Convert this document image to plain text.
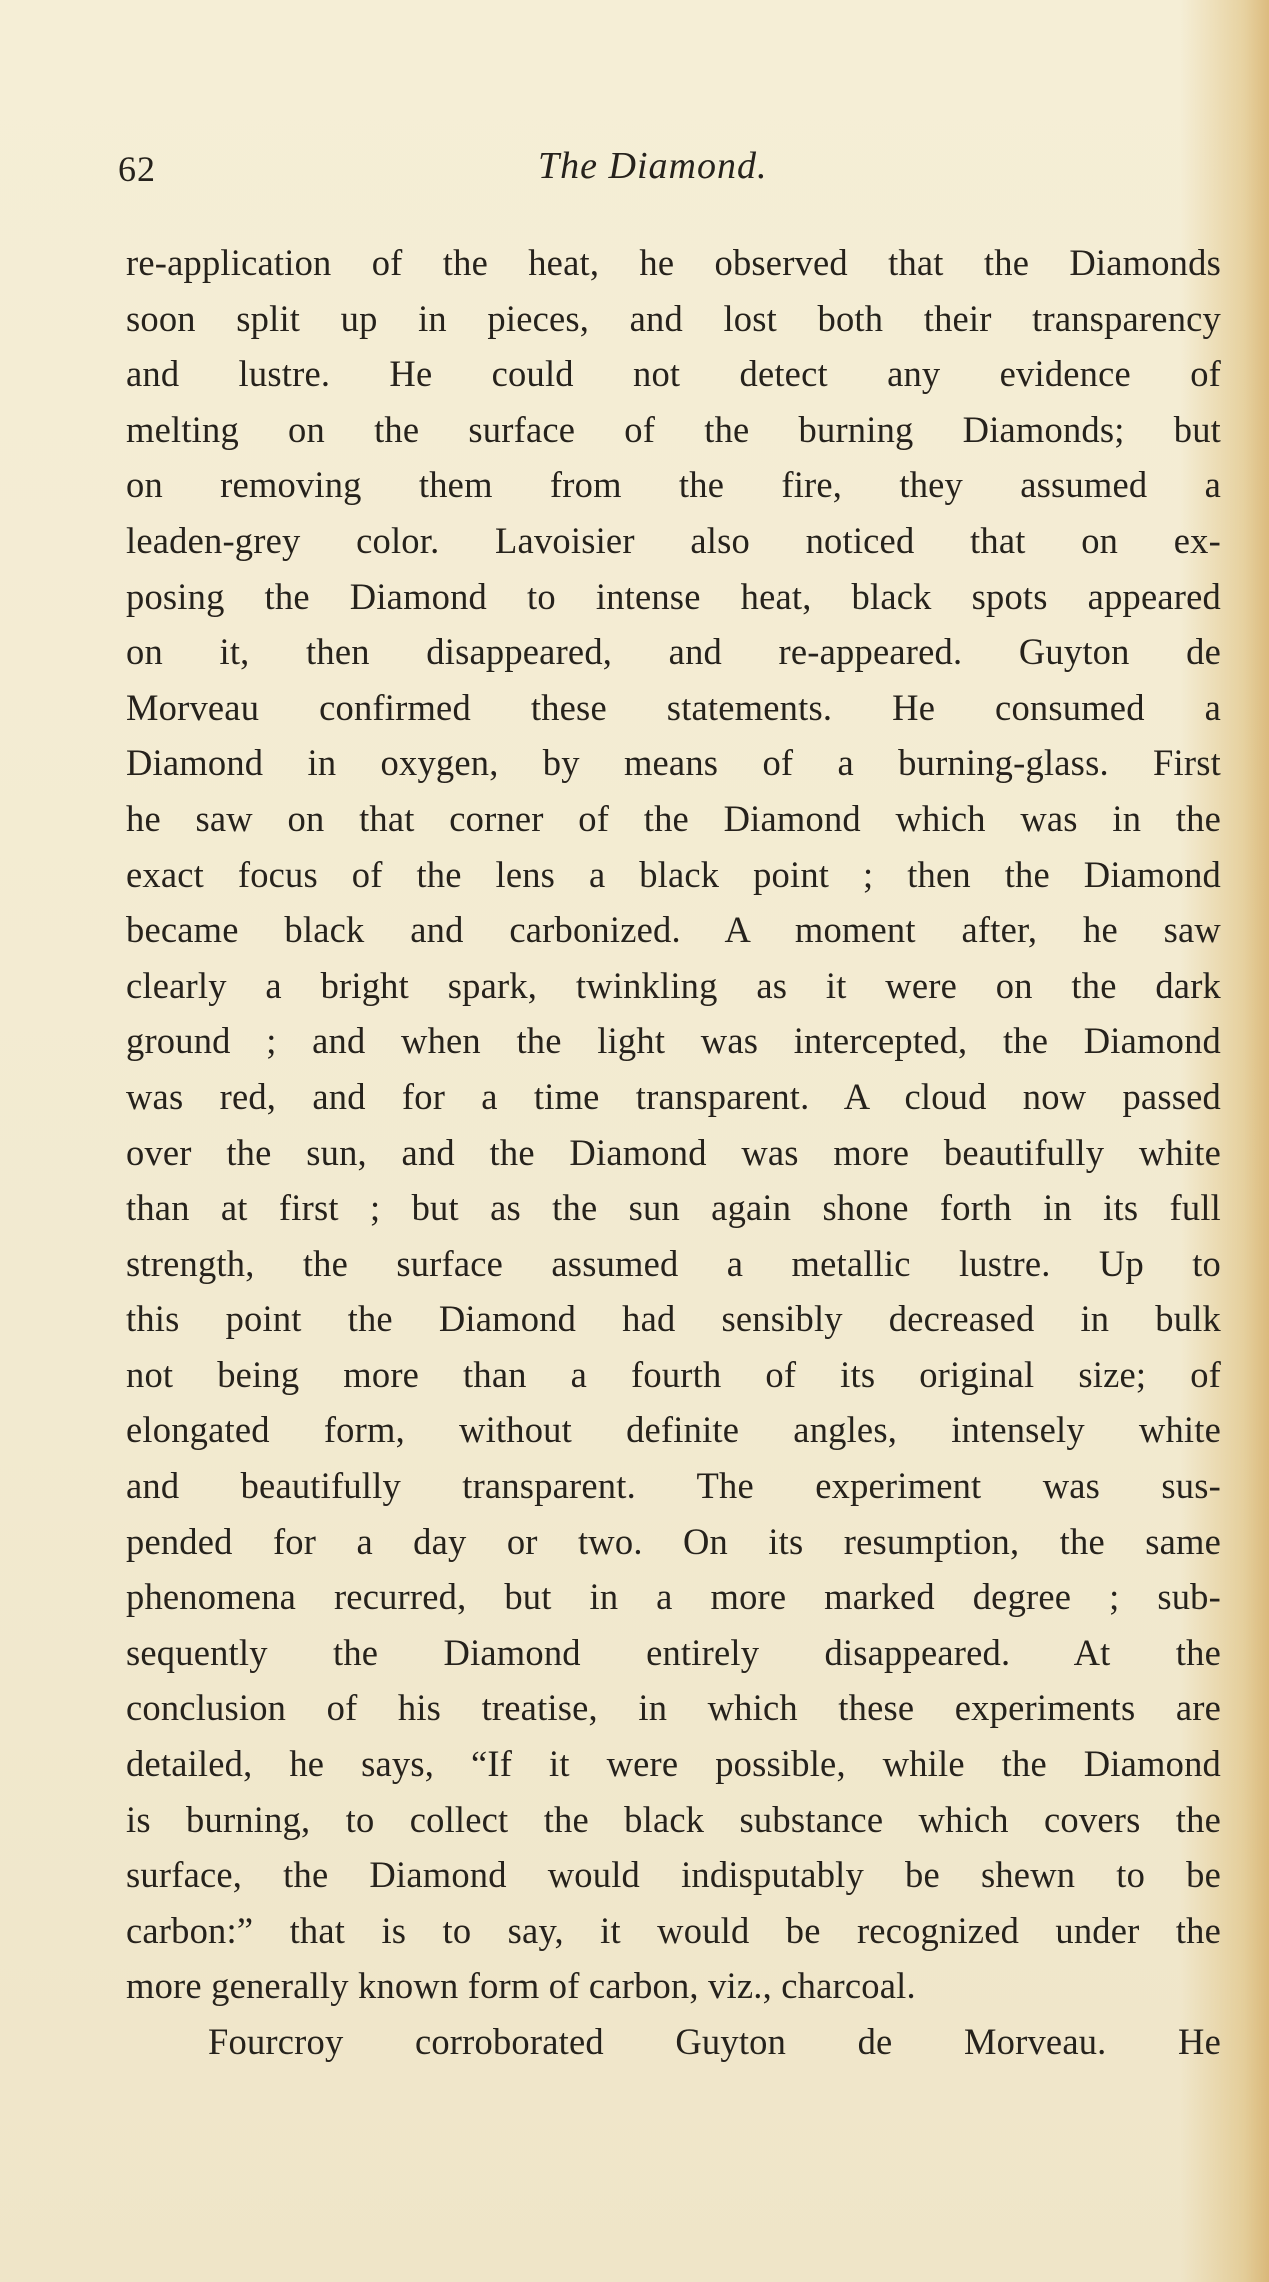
62	The Diamond.
re-application of the heat, he observed that the Diamonds
soon split up in pieces, and lost both their transparency
and lustre. He could not detect any evidence of
melting on the surface of the burning Diamonds; but
on removing them from the fire, they assumed a
leaden-grey color. Lavoisier also noticed that on ex-
posing the Diamond to intense heat, black spots appeared
on it, then disappeared, and re-appeared. Guyton de
Morveau confirmed these statements. He consumed a
Diamond in oxygen, by means of a burning-glass. First
he saw on that corner of the Diamond which was in the
exact focus of the lens a black point ; then the Diamond
became black and carbonized. A moment after, he saw
clearly a bright spark, twinkling as it were on the dark
ground ; and when the light was intercepted, the Diamond
was red, and for a time transparent. A cloud now passed
over the sun, and the Diamond was more beautifully white
than at first ; but as the sun again shone forth in its full
strength, the surface assumed a metallic lustre. Up to
this point the Diamond had sensibly decreased in bulk
not being more than a fourth of its original size; of
elongated form, without definite angles, intensely white
and beautifully transparent. The experiment was sus-
pended for a day or two. On its resumption, the same
phenomena recurred, but in a more marked degree ; sub-
sequently the Diamond entirely disappeared. At the
conclusion of his treatise, in which these experiments are
detailed, he says, “If it were possible, while the Diamond
is burning, to collect the black substance which covers the
surface, the Diamond would indisputably be shewn to be
carbon:” that is to say, it would be recognized under the
more generally known form of carbon, viz., charcoal.
Fourcroy corroborated Guyton de Morveau. He
